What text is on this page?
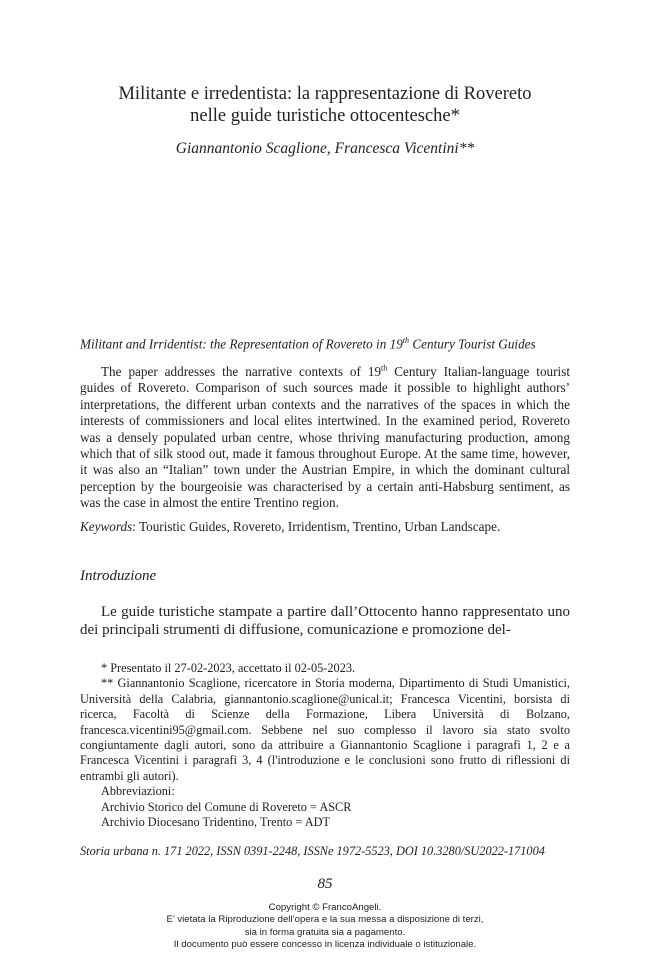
Militante e irredentista: la rappresentazione di Rovereto
nelle guide turistiche ottocentesche*
Giannantonio Scaglione, Francesca Vicentini**
Militant and Irridentist: the Representation of Rovereto in 19th Century Tourist Guides

The paper addresses the narrative contexts of 19th Century Italian-language tourist guides of Rovereto. Comparison of such sources made it possible to highlight authors’ interpretations, the different urban contexts and the narratives of the spaces in which the interests of commissioners and local elites intertwined. In the examined period, Rovereto was a densely populated urban centre, whose thriving manufacturing production, among which that of silk stood out, made it famous throughout Europe. At the same time, however, it was also an “Italian” town under the Austrian Empire, in which the dominant cultural perception by the bourgeoisie was characterised by a certain anti-Habsburg sentiment, as was the case in almost the entire Trentino region.

Keywords: Touristic Guides, Rovereto, Irridentism, Trentino, Urban Landscape.

Introduzione

Le guide turistiche stampate a partire dall’Ottocento hanno rappresentato uno dei principali strumenti di diffusione, comunicazione e promozione del-

* Presentato il 27-02-2023, accettato il 02-05-2023.

** Giannantonio Scaglione, ricercatore in Storia moderna, Dipartimento di Studi Umanistici, Università della Calabria, giannantonio.scaglione@unical.it; Francesca Vicentini, borsista di ricerca, Facoltà di Scienze della Formazione, Libera Università di Bolzano, francesca.vicentini95@gmail.com. Sebbene nel suo complesso il lavoro sia stato svolto congiuntamente dagli autori, sono da attribuire a Giannantonio Scaglione i paragrafi 1, 2 e a Francesca Vicentini i paragrafi 3, 4 (l'introduzione e le conclusioni sono frutto di riflessioni di entrambi gli autori).

Abbreviazioni:

Archivio Storico del Comune di Rovereto = ASCR

Archivio Diocesano Tridentino, Trento = ADT

Storia urbana n. 171 2022, ISSN 0391-2248, ISSNe 1972-5523, DOI 10.3280/SU2022-171004
85
Copyright © FrancoAngeli.
E’ vietata la Riproduzione dell’opera e la sua messa a disposizione di terzi,
sia in forma gratuita sia a pagamento.
Il documento può essere concesso in licenza individuale o istituzionale.
